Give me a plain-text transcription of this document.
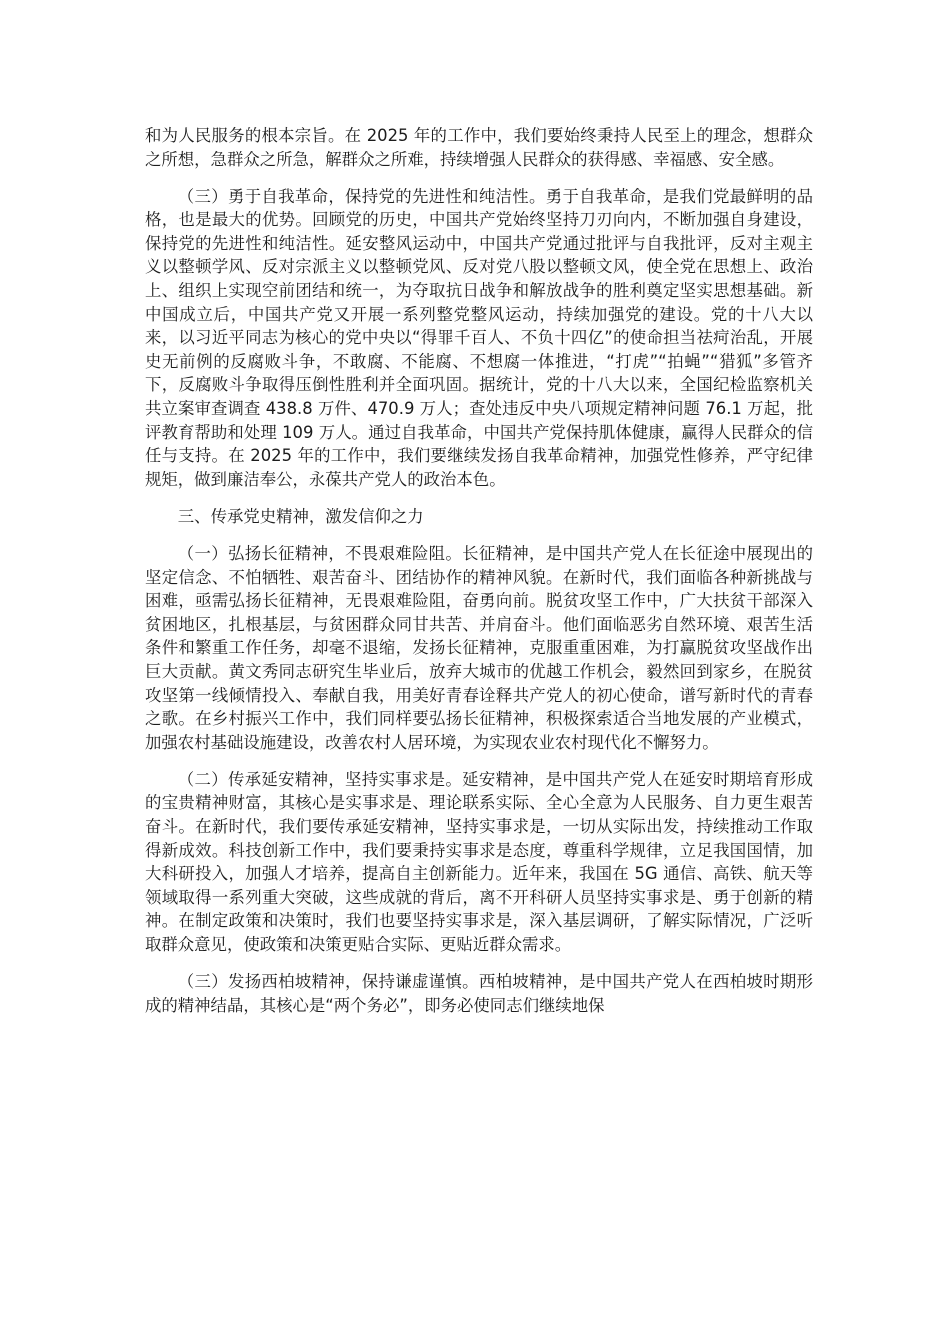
和为人民服务的根本宗旨。在 2025 年的工作中，我们要始终秉持人民至上的理念，想群众之所想，急群众之所急，解群众之所难，持续增强人民群众的获得感、幸福感、安全感。

（三）勇于自我革命，保持党的先进性和纯洁性。勇于自我革命，是我们党最鲜明的品格，也是最大的优势。回顾党的历史，中国共产党始终坚持刀刃向内，不断加强自身建设，保持党的先进性和纯洁性。延安整风运动中，中国共产党通过批评与自我批评，反对主观主义以整顿学风、反对宗派主义以整顿党风、反对党八股以整顿文风，使全党在思想上、政治上、组织上实现空前团结和统一，为夺取抗日战争和解放战争的胜利奠定坚实思想基础。新中国成立后，中国共产党又开展一系列整党整风运动，持续加强党的建设。党的十八大以来，以习近平同志为核心的党中央以“得罪千百人、不负十四亿”的使命担当祛疴治乱，开展史无前例的反腐败斗争，不敢腐、不能腐、不想腐一体推进，“打虎”“拍蝇”“猎狐”多管齐下，反腐败斗争取得压倒性胜利并全面巩固。据统计，党的十八大以来，全国纪检监察机关共立案审查调查 438.8 万件、470.9 万人；查处违反中央八项规定精神问题 76.1 万起，批评教育帮助和处理 109 万人。通过自我革命，中国共产党保持肌体健康，赢得人民群众的信任与支持。在 2025 年的工作中，我们要继续发扬自我革命精神，加强党性修养，严守纪律规矩，做到廉洁奉公，永葆共产党人的政治本色。

三、传承党史精神，激发信仰之力

（一）弘扬长征精神，不畏艰难险阻。长征精神，是中国共产党人在长征途中展现出的坚定信念、不怕牺牲、艰苦奋斗、团结协作的精神风貌。在新时代，我们面临各种新挑战与困难，亟需弘扬长征精神，无畏艰难险阻，奋勇向前。脱贫攻坚工作中，广大扶贫干部深入贫困地区，扎根基层，与贫困群众同甘共苦、并肩奋斗。他们面临恶劣自然环境、艰苦生活条件和繁重工作任务，却毫不退缩，发扬长征精神，克服重重困难，为打赢脱贫攻坚战作出巨大贡献。黄文秀同志研究生毕业后，放弃大城市的优越工作机会，毅然回到家乡，在脱贫攻坚第一线倾情投入、奉献自我，用美好青春诠释共产党人的初心使命，谱写新时代的青春之歌。在乡村振兴工作中，我们同样要弘扬长征精神，积极探索适合当地发展的产业模式，加强农村基础设施建设，改善农村人居环境，为实现农业农村现代化不懈努力。

（二）传承延安精神，坚持实事求是。延安精神，是中国共产党人在延安时期培育形成的宝贵精神财富，其核心是实事求是、理论联系实际、全心全意为人民服务、自力更生艰苦奋斗。在新时代，我们要传承延安精神，坚持实事求是，一切从实际出发，持续推动工作取得新成效。科技创新工作中，我们要秉持实事求是态度，尊重科学规律，立足我国国情，加大科研投入，加强人才培养，提高自主创新能力。近年来，我国在 5G 通信、高铁、航天等领域取得一系列重大突破，这些成就的背后，离不开科研人员坚持实事求是、勇于创新的精神。在制定政策和决策时，我们也要坚持实事求是，深入基层调研，了解实际情况，广泛听取群众意见，使政策和决策更贴合实际、更贴近群众需求。

（三）发扬西柏坡精神，保持谦虚谨慎。西柏坡精神，是中国共产党人在西柏坡时期形成的精神结晶，其核心是“两个务必”，即务必使同志们继续地保
